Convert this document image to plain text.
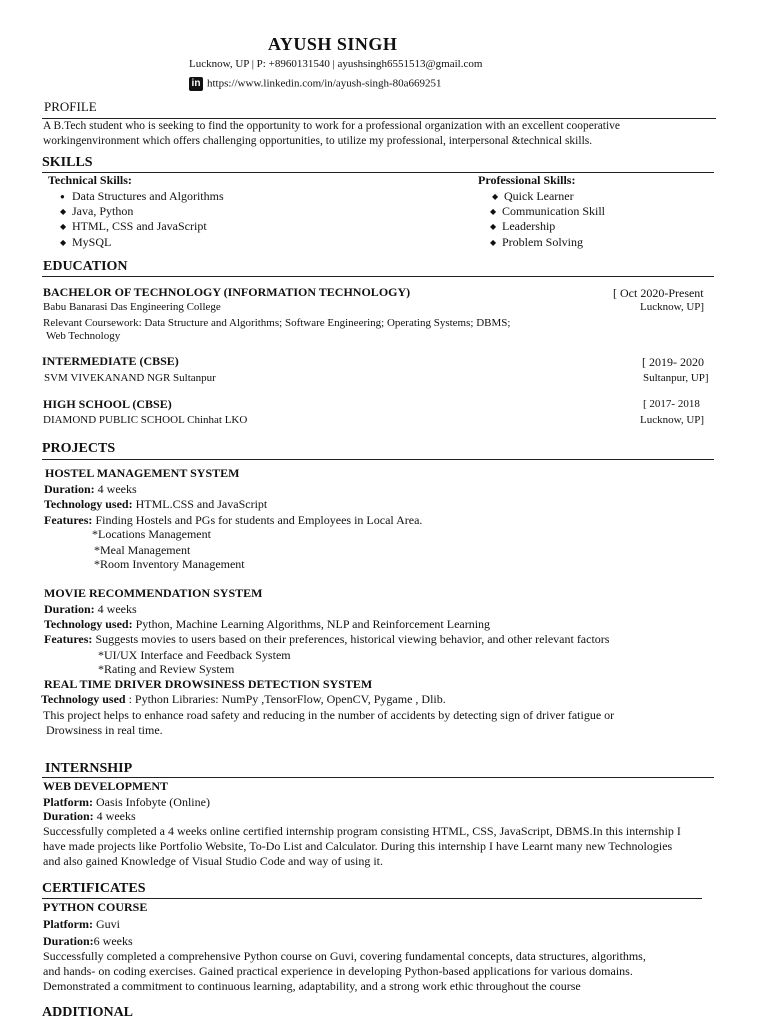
AYUSH SINGH
Lucknow, UP | P: +8960131540 | ayushsingh6551513@gmail.com
in https://www.linkedin.com/in/ayush-singh-80a669251
PROFILE
A B.Tech student who is seeking to find the opportunity to work for a professional organization with an excellent cooperative
workingenvironment which offers challenging opportunities, to utilize my professional, interpersonal &technical skills.
SKILLS
Technical Skills:	Professional Skills:
● Data Structures and Algorithms
◆ Java, Python
◆ HTML, CSS and JavaScript
◆ MySQL
◆ Quick Learner
◆ Communication Skill
◆ Leadership
◆ Problem Solving
EDUCATION
BACHELOR OF TECHNOLOGY (INFORMATION TECHNOLOGY)	[ Oct 2020-Present
Babu Banarasi Das Engineering College	Lucknow, UP]
Relevant Coursework: Data Structure and Algorithms; Software Engineering; Operating Systems; DBMS;
Web Technology
INTERMEDIATE (CBSE)	[ 2019- 2020
SVM VIVEKANAND NGR Sultanpur	Sultanpur, UP]
HIGH SCHOOL (CBSE)	[ 2017- 2018
DIAMOND PUBLIC SCHOOL Chinhat LKO	Lucknow, UP]
PROJECTS
HOSTEL MANAGEMENT SYSTEM
Duration: 4 weeks
Technology used: HTML.CSS and JavaScript
Features: Finding Hostels and PGs for students and Employees in Local Area.
*Locations Management
*Meal Management
*Room Inventory Management
MOVIE RECOMMENDATION SYSTEM
Duration: 4 weeks
Technology used: Python, Machine Learning Algorithms, NLP and Reinforcement Learning
Features: Suggests movies to users based on their preferences, historical viewing behavior, and other relevant factors
*UI/UX Interface and Feedback System
*Rating and Review System
REAL TIME DRIVER DROWSINESS DETECTION SYSTEM
Technology used : Python Libraries: NumPy ,TensorFlow, OpenCV, Pygame , Dlib.
This project helps to enhance road safety and reducing in the number of accidents by detecting sign of driver fatigue or
Drowsiness in real time.
INTERNSHIP
WEB DEVELOPMENT
Platform: Oasis Infobyte (Online)
Duration: 4 weeks
Successfully completed a 4 weeks online certified internship program consisting HTML, CSS, JavaScript, DBMS.In this internship I
have made projects like Portfolio Website, To-Do List and Calculator. During this internship I have Learnt many new Technologies
and also gained Knowledge of Visual Studio Code and way of using it.
CERTIFICATES
PYTHON COURSE
Platform: Guvi
Duration:6 weeks
Successfully completed a comprehensive Python course on Guvi, covering fundamental concepts, data structures, algorithms,
and hands- on coding exercises. Gained practical experience in developing Python-based applications for various domains.
Demonstrated a commitment to continuous learning, adaptability, and a strong work ethic throughout the course
ADDITIONAL
